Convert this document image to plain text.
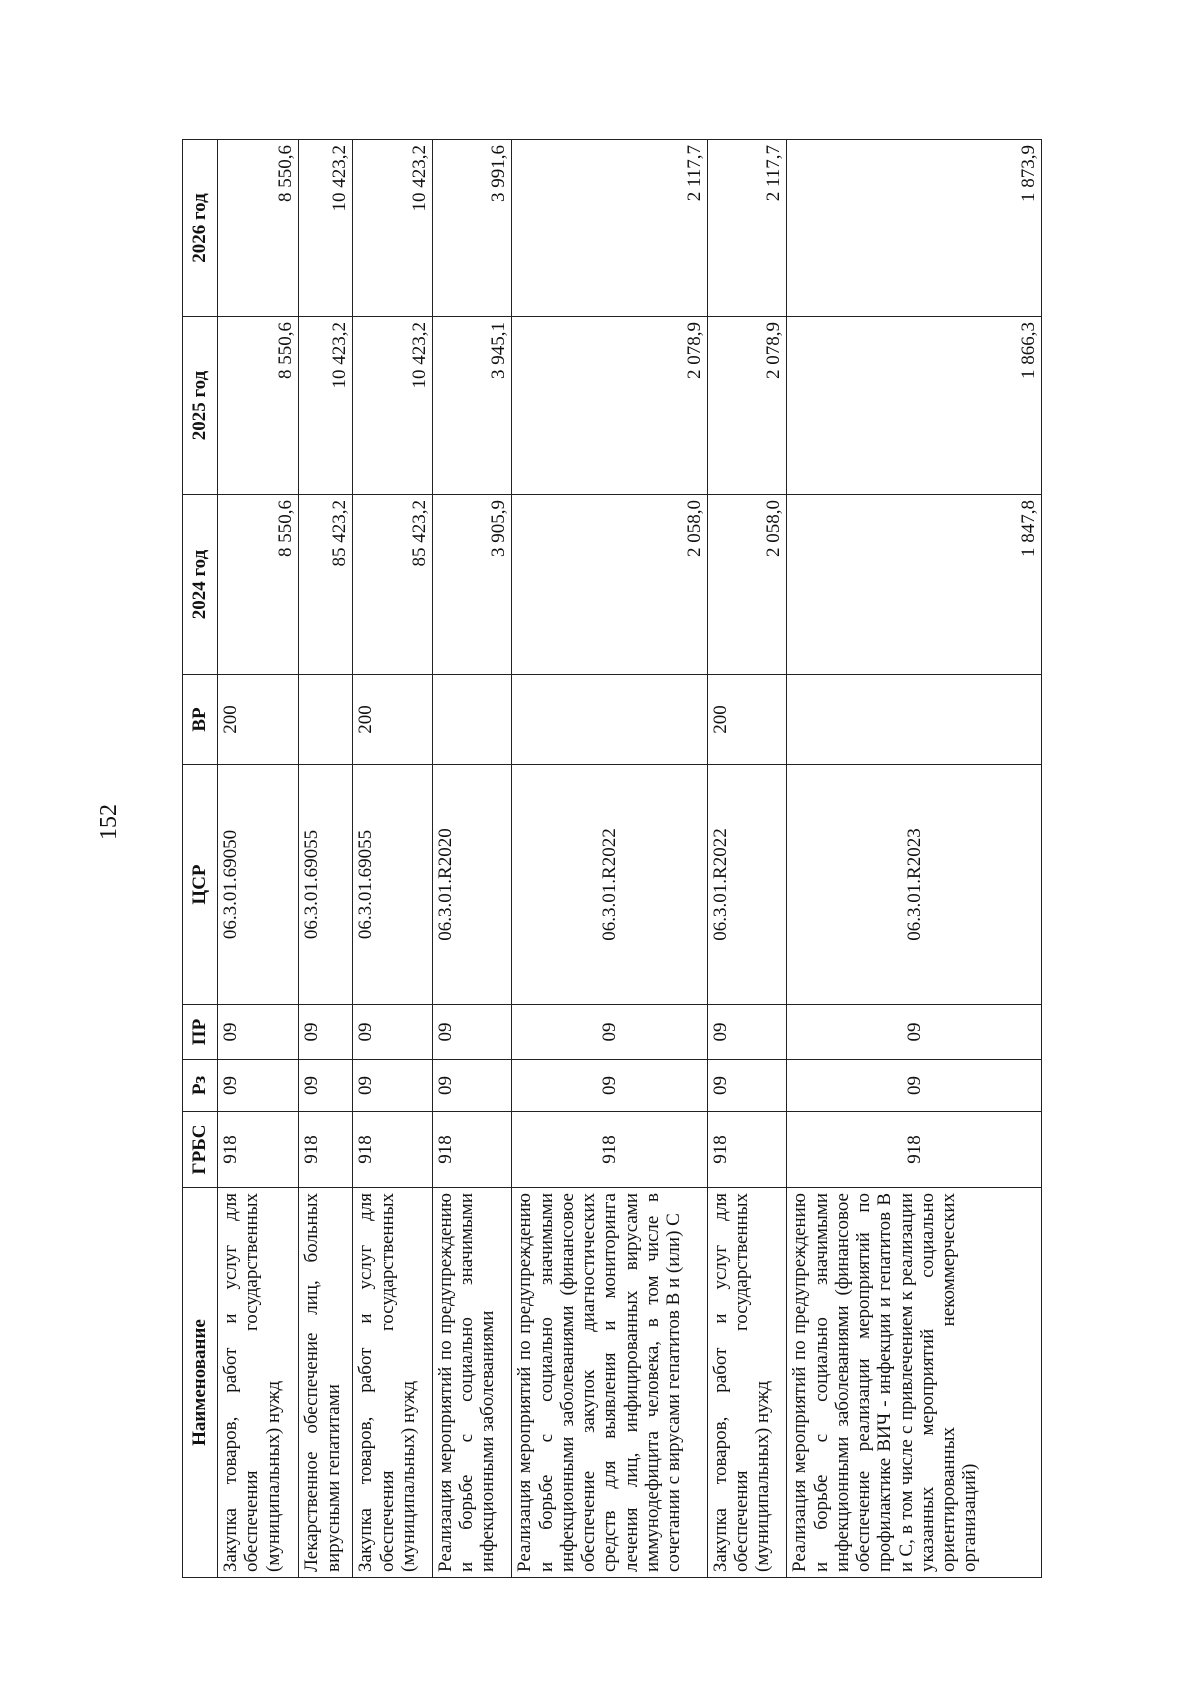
152
Наименование	ГРБС	Рз	ПР	ЦСР	ВР	2024 год	2025 год	2026 год
Закупка товаров, работ и услуг для обеспечения государственных (муниципальных) нужд	918	09	09	06.3.01.69050	200	8 550,6	8 550,6	8 550,6
Лекарственное обеспечение лиц, больных вирусными гепатитами	918	09	09	06.3.01.69055		85 423,2	10 423,2	10 423,2
Закупка товаров, работ и услуг для обеспечения государственных (муниципальных) нужд	918	09	09	06.3.01.69055	200	85 423,2	10 423,2	10 423,2
Реализация мероприятий по предупреждению и борьбе с социально значимыми инфекционными заболеваниями	918	09	09	06.3.01.R2020		3 905,9	3 945,1	3 991,6
Реализация мероприятий по предупреждению и борьбе с социально значимыми инфекционными заболеваниями (финансовое обеспечение закупок диагностических средств для выявления и мониторинга лечения лиц, инфицированных вирусами иммунодефицита человека, в том числе в сочетании с вирусами гепатитов B и (или) C	918	09	09	06.3.01.R2022		2 058,0	2 078,9	2 117,7
Закупка товаров, работ и услуг для обеспечения государственных (муниципальных) нужд	918	09	09	06.3.01.R2022	200	2 058,0	2 078,9	2 117,7
Реализация мероприятий по предупреждению и борьбе с социально значимыми инфекционными заболеваниями (финансовое обеспечение реализации мероприятий по профилактике ВИЧ - инфекции и гепатитов B и C, в том числе с привлечением к реализации указанных мероприятий социально ориентированных некоммерческих организаций)	918	09	09	06.3.01.R2023		1 847,8	1 866,3	1 873,9
